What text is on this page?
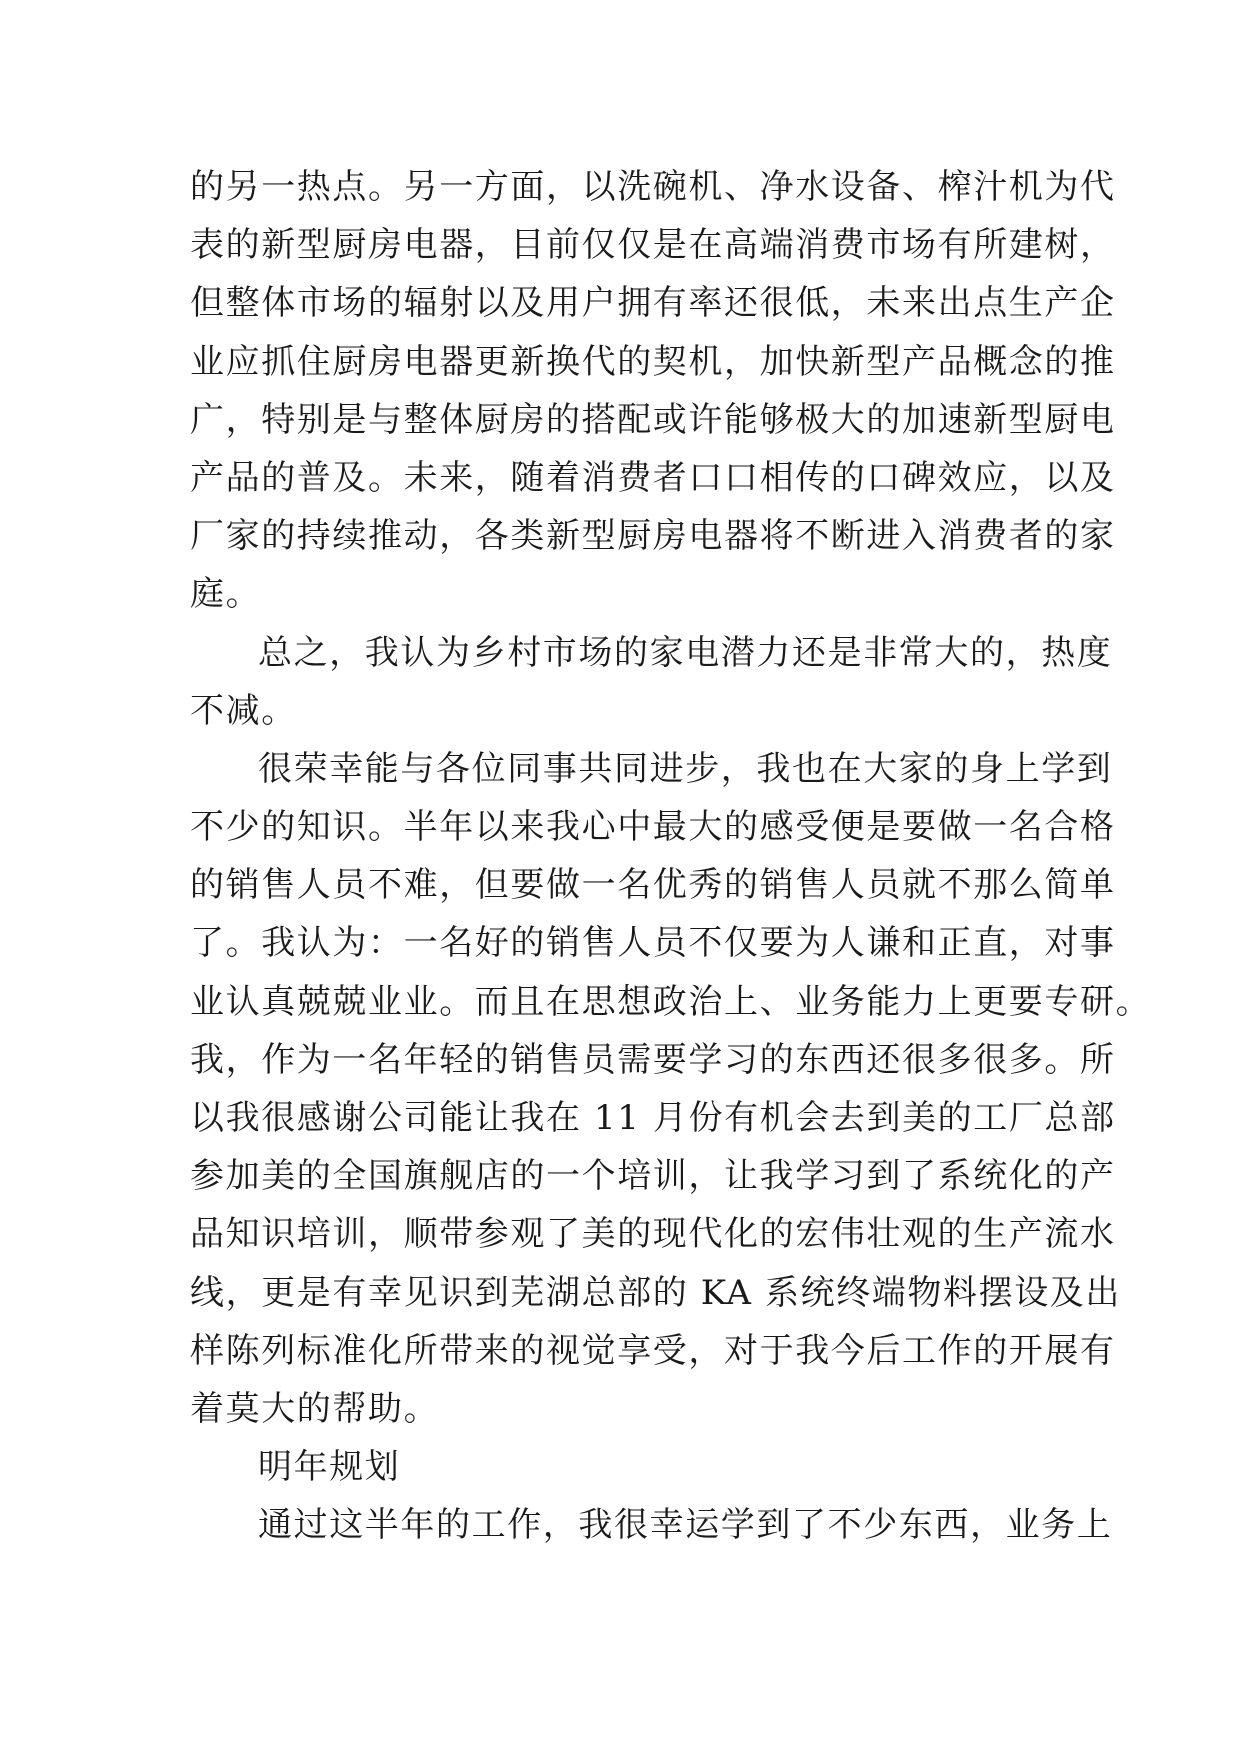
的另一热点。另一方面，以洗碗机、净水设备、榨汁机为代
表的新型厨房电器，目前仅仅是在高端消费市场有所建树，
但整体市场的辐射以及用户拥有率还很低，未来出点生产企
业应抓住厨房电器更新换代的契机，加快新型产品概念的推
广，特别是与整体厨房的搭配或许能够极大的加速新型厨电
产品的普及。未来，随着消费者口口相传的口碑效应，以及
厂家的持续推动，各类新型厨房电器将不断进入消费者的家
庭。
总之，我认为乡村市场的家电潜力还是非常大的，热度
不减。
很荣幸能与各位同事共同进步，我也在大家的身上学到
不少的知识。半年以来我心中最大的感受便是要做一名合格
的销售人员不难，但要做一名优秀的销售人员就不那么简单
了。我认为：一名好的销售人员不仅要为人谦和正直，对事
业认真兢兢业业。而且在思想政治上、业务能力上更要专研。
我，作为一名年轻的销售员需要学习的东西还很多很多。所
以我很感谢公司能让我在 11 月份有机会去到美的工厂总部
参加美的全国旗舰店的一个培训，让我学习到了系统化的产
品知识培训，顺带参观了美的现代化的宏伟壮观的生产流水
线，更是有幸见识到芜湖总部的 KA 系统终端物料摆设及出
样陈列标准化所带来的视觉享受，对于我今后工作的开展有
着莫大的帮助。
明年规划
通过这半年的工作，我很幸运学到了不少东西，业务上
